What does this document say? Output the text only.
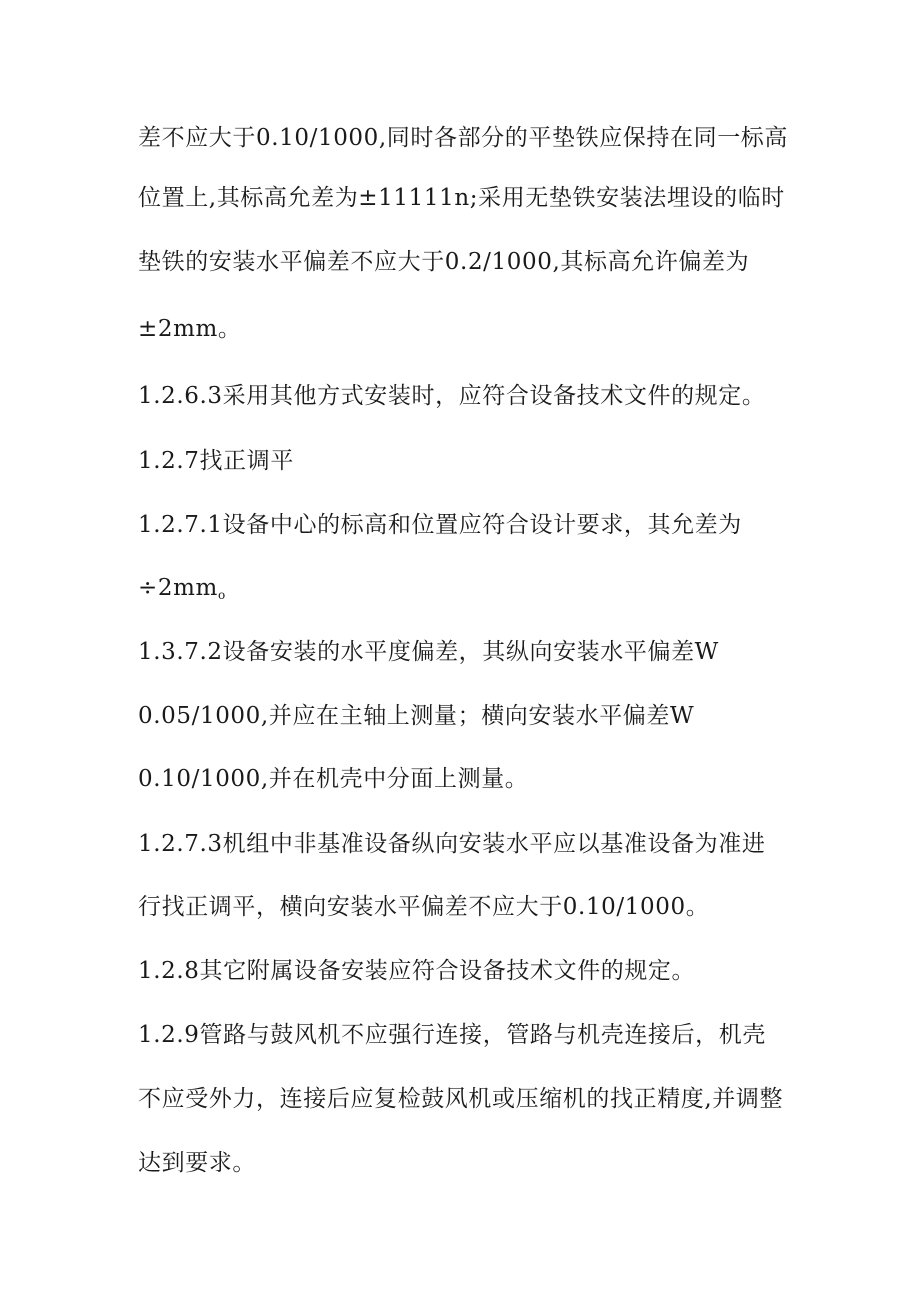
差不应大于0.10/1000,同时各部分的平垫铁应保持在同一标高
位置上,其标高允差为±11111n;采用无垫铁安装法埋设的临时
垫铁的安装水平偏差不应大于0.2/1000,其标高允许偏差为
±2mm。
1.2.6.3采用其他方式安装时，应符合设备技术文件的规定。
1.2.7找正调平
1.2.7.1设备中心的标高和位置应符合设计要求，其允差为
$\div 2mm_o$
1.3.7.2设备安装的水平度偏差，其纵向安装水平偏差W
0.05/1000,并应在主轴上测量；横向安装水平偏差W
0.10/1000,并在机壳中分面上测量。
1.2.7.3机组中非基准设备纵向安装水平应以基准设备为准进
行找正调平，横向安装水平偏差不应大于0.10/1000。
1.2.8其它附属设备安装应符合设备技术文件的规定。
1.2.9管路与鼓风机不应强行连接，管路与机壳连接后，机壳
不应受外力，连接后应复检鼓风机或压缩机的找正精度,并调整
达到要求。
